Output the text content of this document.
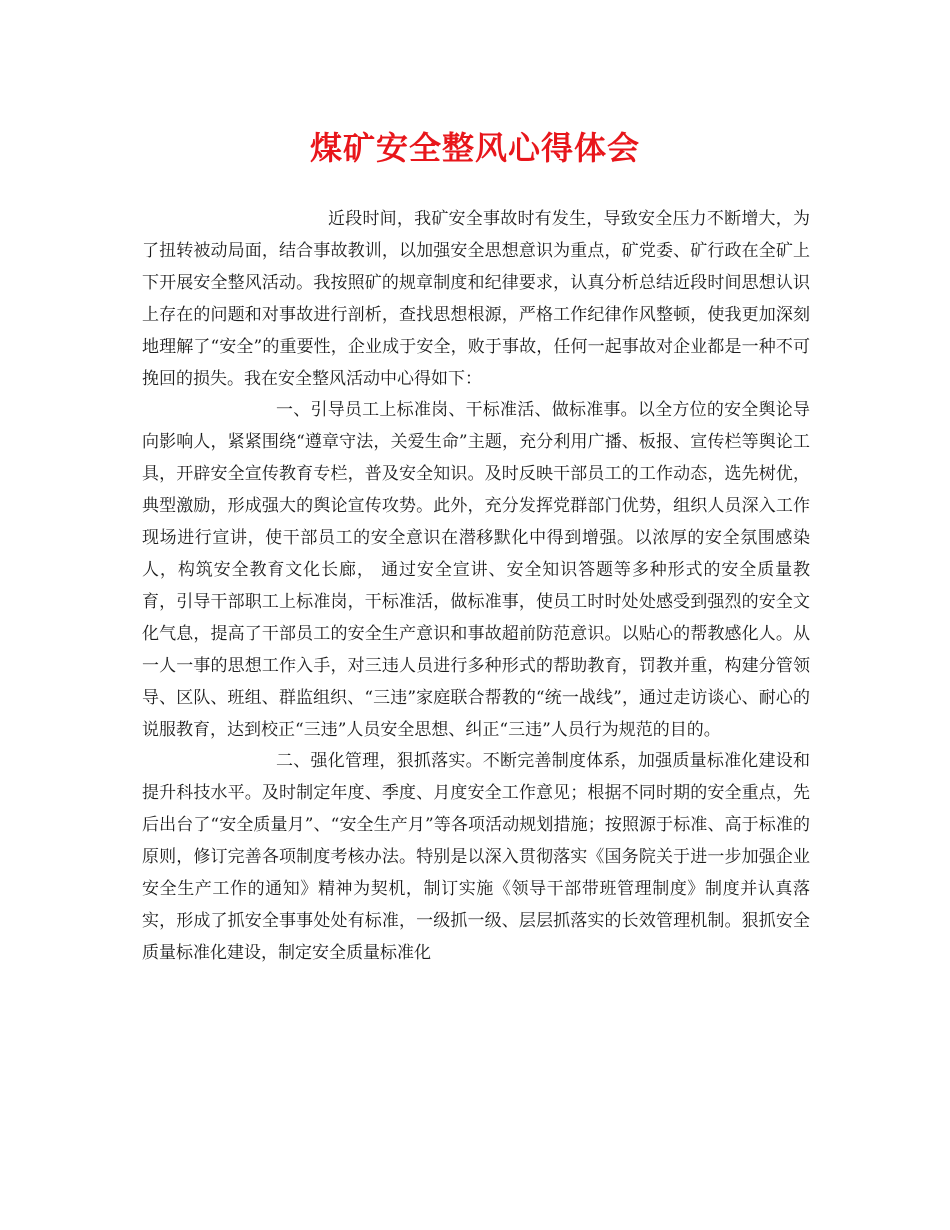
煤矿安全整风心得体会

近段时间，我矿安全事故时有发生，导致安全压力不断增大，为了扭转被动局面，结合事故教训，以加强安全思想意识为重点，矿党委、矿行政在全矿上下开展安全整风活动。我按照矿的规章制度和纪律要求，认真分析总结近段时间思想认识上存在的问题和对事故进行剖析，查找思想根源，严格工作纪律作风整顿，使我更加深刻地理解了“安全”的重要性，企业成于安全，败于事故，任何一起事故对企业都是一种不可挽回的损失。我在安全整风活动中心得如下：

一、引导员工上标准岗、干标准活、做标准事。以全方位的安全舆论导向影响人，紧紧围绕“遵章守法，关爱生命”主题，充分利用广播、板报、宣传栏等舆论工具，开辟安全宣传教育专栏，普及安全知识。及时反映干部员工的工作动态，选先树优，典型激励，形成强大的舆论宣传攻势。此外，充分发挥党群部门优势，组织人员深入工作现场进行宣讲，使干部员工的安全意识在潜移默化中得到增强。以浓厚的安全氛围感染人，构筑安全教育文化长廊， 通过安全宣讲、安全知识答题等多种形式的安全质量教育，引导干部职工上标准岗，干标准活，做标准事，使员工时时处处感受到强烈的安全文化气息，提高了干部员工的安全生产意识和事故超前防范意识。以贴心的帮教感化人。从一人一事的思想工作入手，对三违人员进行多种形式的帮助教育，罚教并重，构建分管领导、区队、班组、群监组织、“三违”家庭联合帮教的“统一战线”，通过走访谈心、耐心的说服教育，达到校正“三违”人员安全思想、纠正“三违”人员行为规范的目的。

二、强化管理，狠抓落实。不断完善制度体系，加强质量标准化建设和提升科技水平。及时制定年度、季度、月度安全工作意见；根据不同时期的安全重点，先后出台了“安全质量月”、“安全生产月”等各项活动规划措施；按照源于标准、高于标准的原则，修订完善各项制度考核办法。特别是以深入贯彻落实《国务院关于进一步加强企业安全生产工作的通知》精神为契机，制订实施《领导干部带班管理制度》制度并认真落实，形成了抓安全事事处处有标准，一级抓一级、层层抓落实的长效管理机制。狠抓安全质量标准化建设，制定安全质量标准化
